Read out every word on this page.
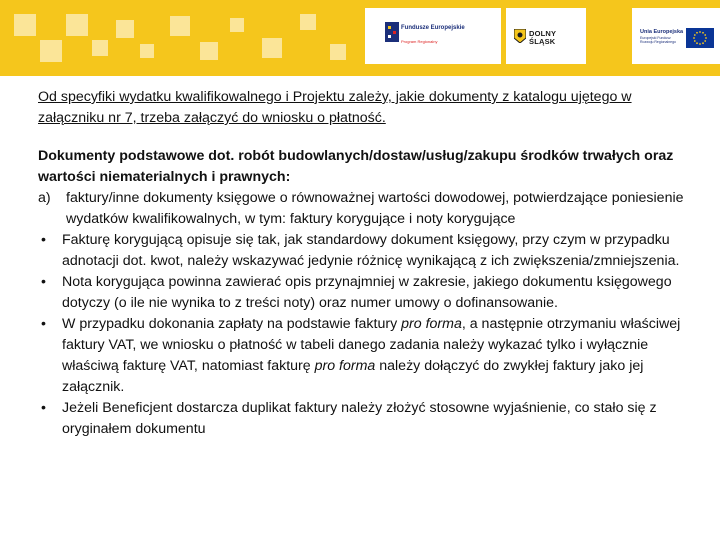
Fundusze Europejskie
Program Regionalny
DOLNY ŚLĄSK
Unia Europejska
Europejski Fundusz Rozwoju Regionalnego

Od specyfiki wydatku kwalifikowalnego i Projektu zależy, jakie dokumenty z katalogu ujętego w załączniku nr 7, trzeba załączyć do wniosku o płatność.

Dokumenty podstawowe dot. robót budowlanych/dostaw/usług/zakupu środków trwałych oraz wartości niematerialnych i prawnych:

a)	faktury/inne dokumenty księgowe o równoważnej wartości dowodowej, potwierdzające poniesienie wydatków kwalifikowalnych, w tym: faktury korygujące i noty korygujące
•	Fakturę korygującą opisuje się tak, jak standardowy dokument księgowy, przy czym w przypadku adnotacji dot. kwot, należy wskazywać jedynie różnicę wynikającą z ich zwiększenia/zmniejszenia.
•	Nota korygująca powinna zawierać opis przynajmniej w zakresie, jakiego dokumentu księgowego dotyczy (o ile nie wynika to z treści noty) oraz numer umowy o dofinansowanie.
•	W przypadku dokonania zapłaty na podstawie faktury pro forma, a następnie otrzymaniu właściwej faktury VAT, we wniosku o płatność w tabeli danego zadania należy wykazać tylko i wyłącznie właściwą fakturę VAT, natomiast fakturę pro forma należy dołączyć do zwykłej faktury jako jej załącznik.
•	Jeżeli Beneficjent dostarcza duplikat faktury należy złożyć stosowne wyjaśnienie, co stało się z oryginałem dokumentu
